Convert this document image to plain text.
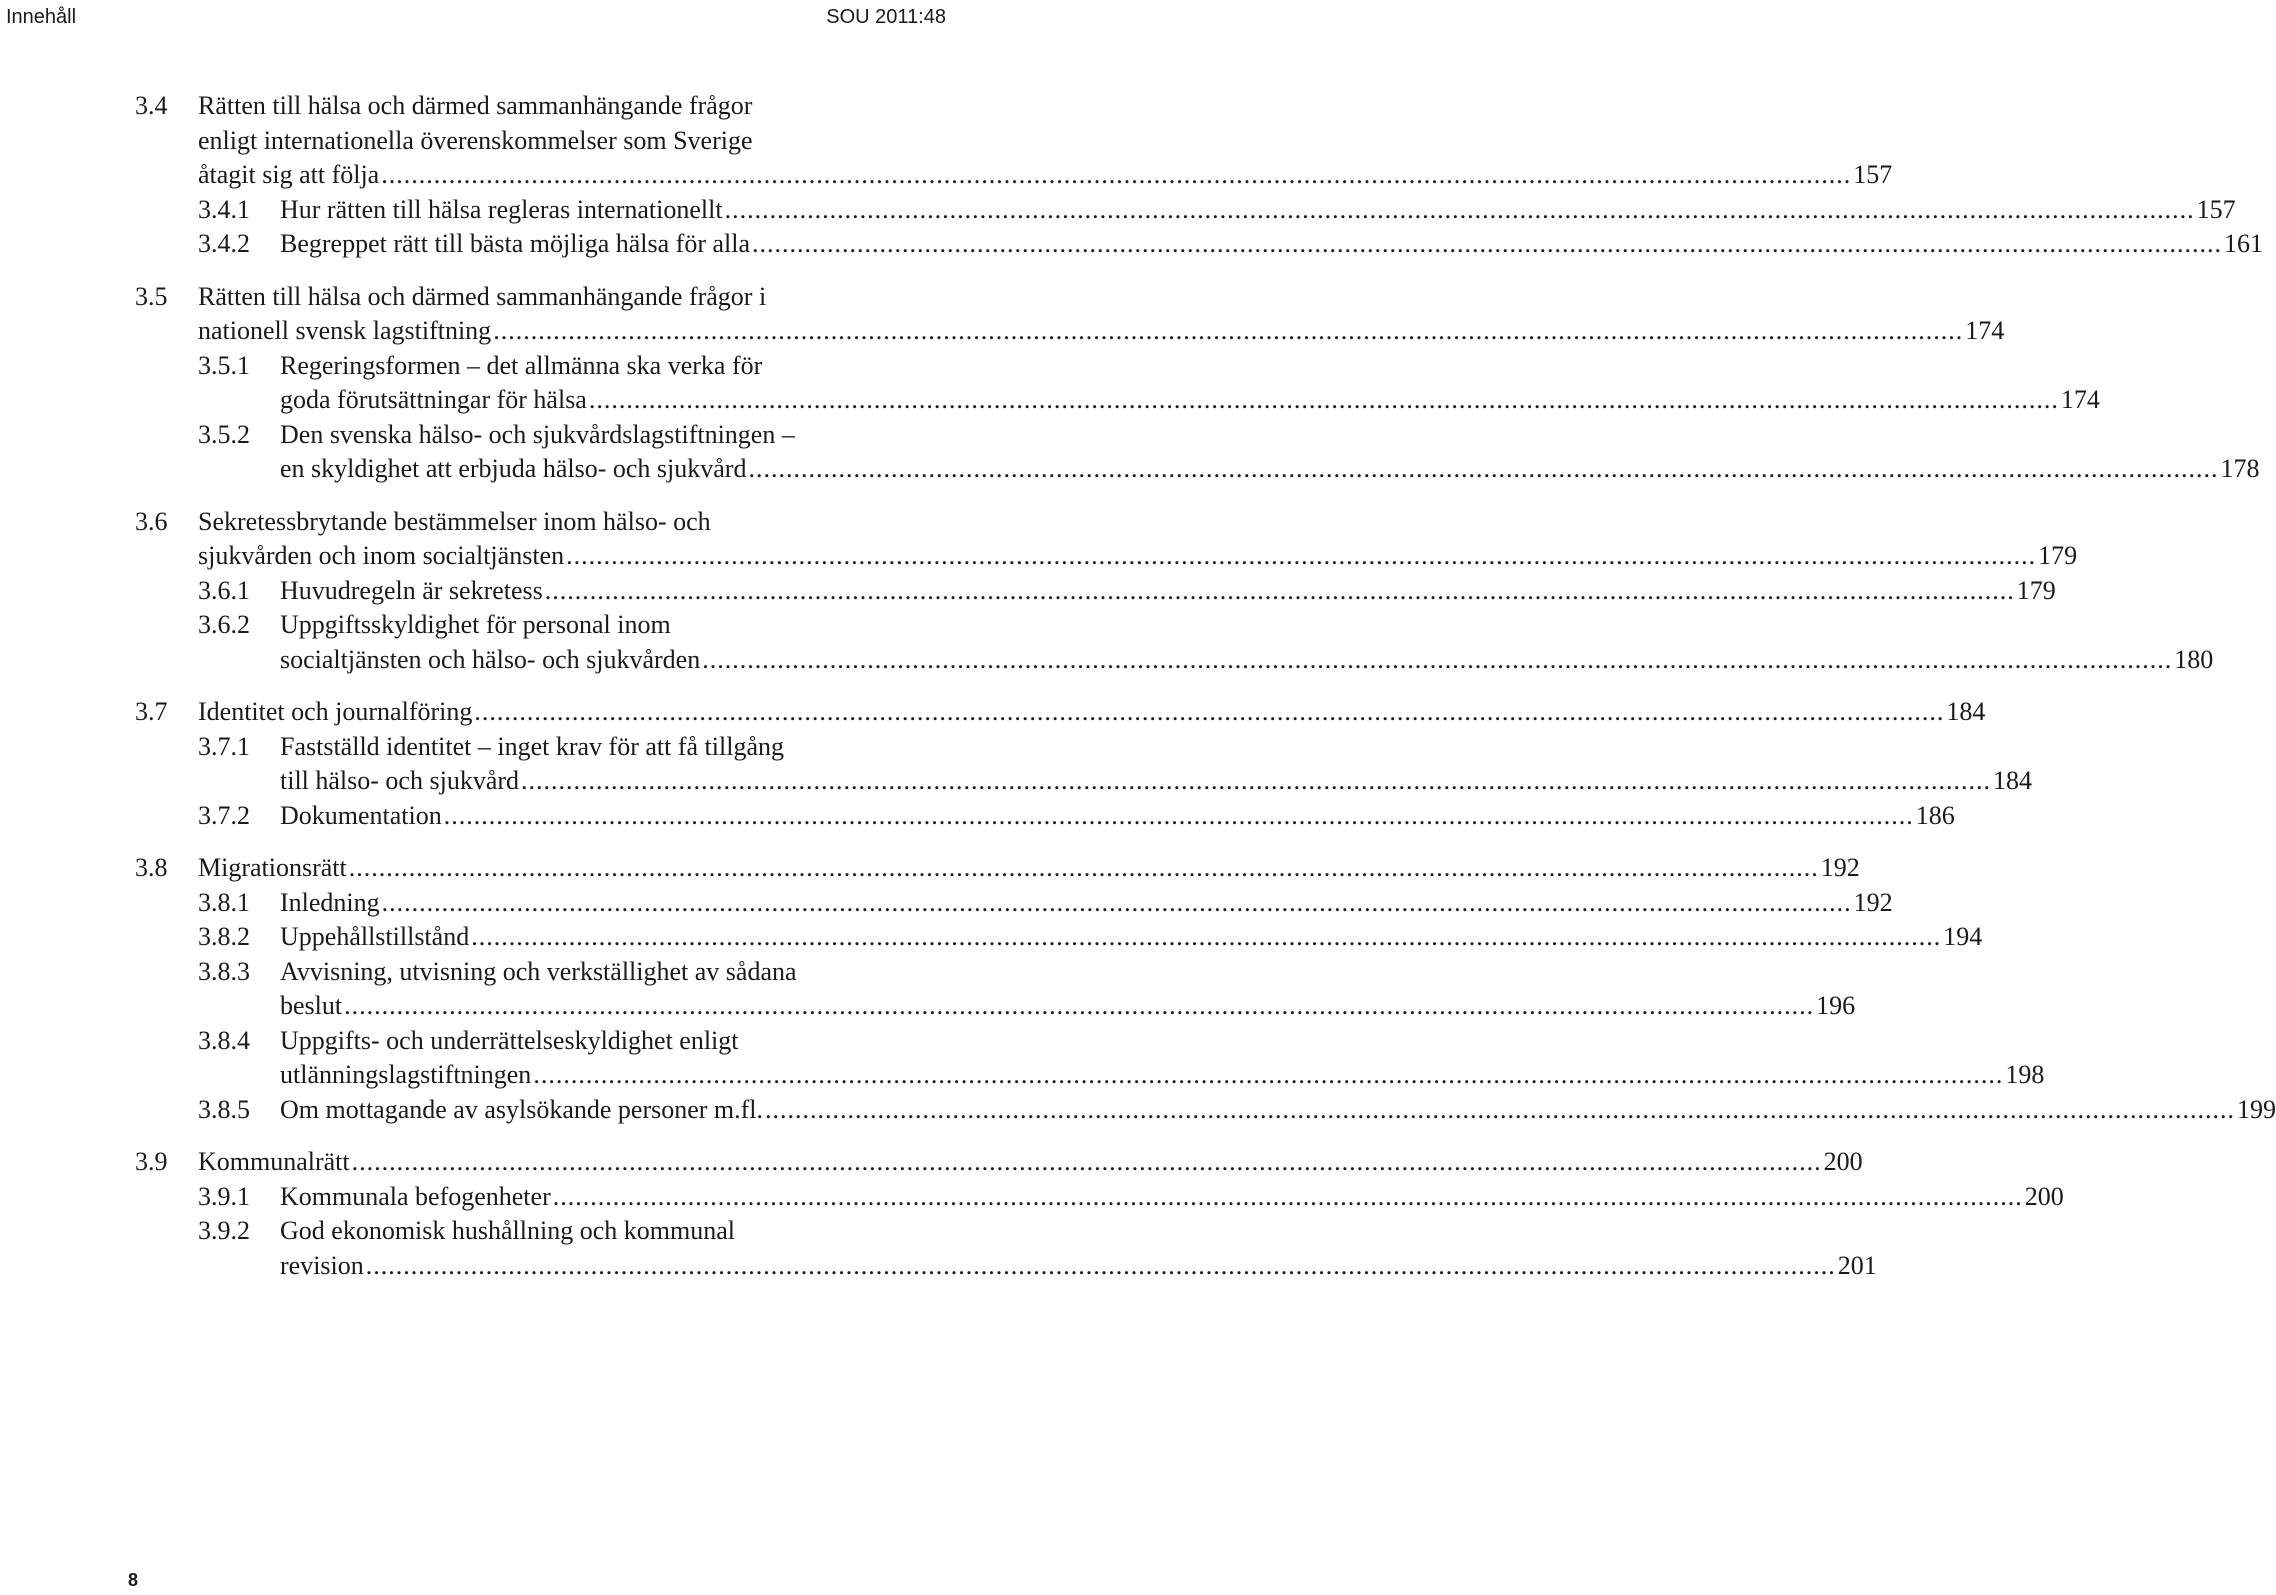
Innehåll	SOU 2011:48
3.4	Rätten till hälsa och därmed sammanhängande frågor
enligt internationella överenskommelser som Sverige
åtagit sig att följa .....	157
3.4.1	Hur rätten till hälsa regleras internationellt .....	157
3.4.2	Begreppet rätt till bästa möjliga hälsa för alla .....	161
3.5	Rätten till hälsa och därmed sammanhängande frågor i
nationell svensk lagstiftning .....	174
3.5.1	Regeringsformen – det allmänna ska verka för
goda förutsättningar för hälsa .....	174
3.5.2	Den svenska hälso- och sjukvårdslagstiftningen –
en skyldighet att erbjuda hälso- och sjukvård .....	178
3.6	Sekretessbrytande bestämmelser inom hälso- och
sjukvården och inom socialtjänsten .....	179
3.6.1	Huvudregeln är sekretess .....	179
3.6.2	Uppgiftsskyldighet för personal inom
socialtjänsten och hälso- och sjukvården .....	180
3.7	Identitet och journalföring .....	184
3.7.1	Fastställd identitet – inget krav för att få tillgång
till hälso- och sjukvård .....	184
3.7.2	Dokumentation .....	186
3.8	Migrationsrätt .....	192
3.8.1	Inledning .....	192
3.8.2	Uppehållstillstånd .....	194
3.8.3	Avvisning, utvisning och verkställighet av sådana
beslut .....	196
3.8.4	Uppgifts- och underrättelseskyldighet enligt
utlänningslagstiftningen .....	198
3.8.5	Om mottagande av asylsökande personer m.fl. .....	199
3.9	Kommunalrätt .....	200
3.9.1	Kommunala befogenheter .....	200
3.9.2	God ekonomisk hushållning och kommunal
revision .....	201
8
